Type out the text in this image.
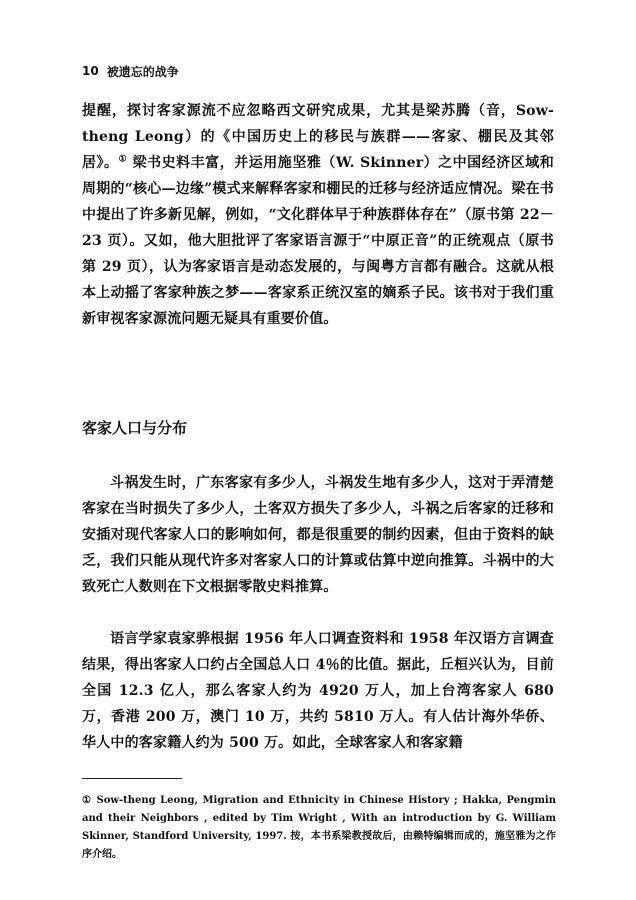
10 被遗忘的战争

提醒，探讨客家源流不应忽略西文研究成果，尤其是梁苏腾（音，Sow-theng Leong）的《中国历史上的移民与族群——客家、棚民及其邻居》。① 梁书史料丰富，并运用施坚雅（W. Skinner）之中国经济区域和周期的“核心—边缘”模式来解释客家和棚民的迁移与经济适应情况。梁在书中提出了许多新见解，例如，“文化群体早于种族群体存在”（原书第 22－23 页）。又如，他大胆批评了客家语言源于“中原正音”的正统观点（原书第 29 页），认为客家语言是动态发展的，与闽粤方言都有融合。这就从根本上动摇了客家种族之梦——客家系正统汉室的嫡系子民。该书对于我们重新审视客家源流问题无疑具有重要价值。

客家人口与分布

斗祸发生时，广东客家有多少人，斗祸发生地有多少人，这对于弄清楚客家在当时损失了多少人，土客双方损失了多少人，斗祸之后客家的迁移和安插对现代客家人口的影响如何，都是很重要的制约因素，但由于资料的缺乏，我们只能从现代许多对客家人口的计算或估算中逆向推算。斗祸中的大致死亡人数则在下文根据零散史料推算。

语言学家袁家骅根据 1956 年人口调查资料和 1958 年汉语方言调查结果，得出客家人口约占全国总人口 4％的比值。据此，丘桓兴认为，目前全国 12.3 亿人，那么客家人约为 4920 万人，加上台湾客家人 680 万，香港 200 万，澳门 10 万，共约 5810 万人。有人估计海外华侨、华人中的客家籍人约为 500 万。如此，全球客家人和客家籍

① Sow-theng Leong, Migration and Ethnicity in Chinese History ; Hakka, Pengmin and their Neighbors , edited by Tim Wright , With an introduction by G. William Skinner, Standford University, 1997. 按，本书系梁教授故后，由赖特编辑而成的，施坚雅为之作序介绍。
